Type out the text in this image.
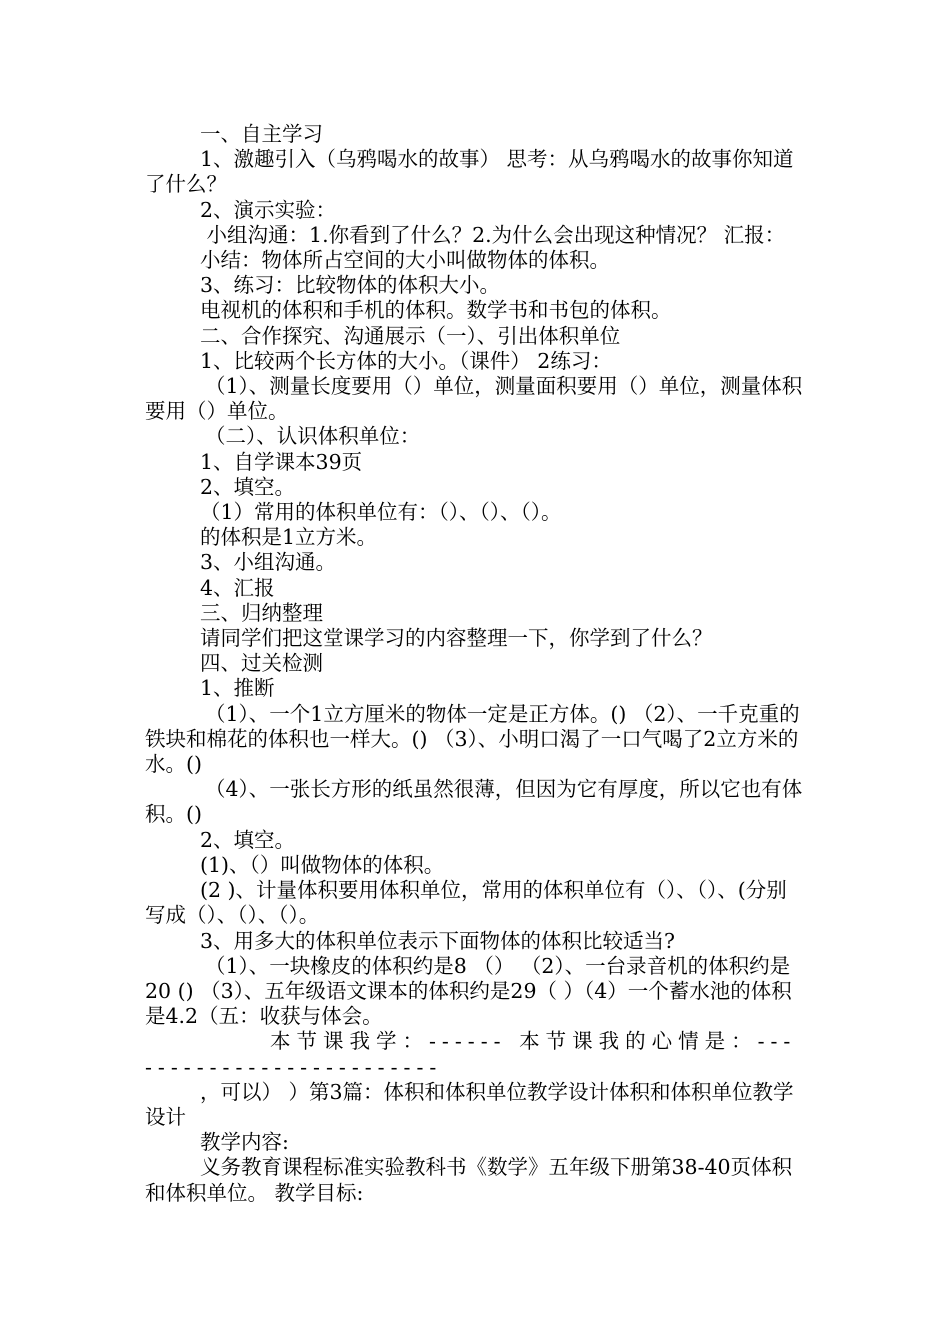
一、自主学习

1、激趣引入（乌鸦喝水的故事） 思考：从乌鸦喝水的故事你知道了什么？

2、演示实验：

小组沟通：1.你看到了什么？2.为什么会出现这种情况？ 汇报：

小结：物体所占空间的大小叫做物体的体积。

3、练习：比较物体的体积大小。

电视机的体积和手机的体积。数学书和书包的体积。

二、合作探究、沟通展示（一）、引出体积单位

1、比较两个长方体的大小。（课件） 2练习：

（1）、测量长度要用（）单位，测量面积要用（）单位，测量体积要用（）单位。

（二）、认识体积单位：

1、自学课本39页

2、填空。

（1）常用的体积单位有：（）、（）、（）。

的体积是1立方米。

3、小组沟通。

4、汇报

三、归纳整理

请同学们把这堂课学习的内容整理一下，你学到了什么？

四、过关检测

1、推断

（1）、一个1立方厘米的物体一定是正方体。() （2）、一千克重的铁块和棉花的体积也一样大。() （3）、小明口渴了一口气喝了2立方米的水。()

（4）、一张长方形的纸虽然很薄，但因为它有厚度，所以它也有体积。()

2、填空。

(1)、（）叫做物体的体积。

(2 )、计量体积要用体积单位，常用的体积单位有（）、（）、(分别写成（）、（）、（）。

3、用多大的体积单位表示下面物体的体积比较适当?

（1）、一块橡皮的体积约是8 （） （2）、一台录音机的体积约是 20 () （3）、五年级语文课本的体积约是29（ ）（4）一个蓄水池的体积是4.2（五：收获与体会。

本节课我学：------ 本节课我的心情是：--------------------------

，可以） ）第3篇：体积和体积单位教学设计体积和体积单位教学设计

教学内容:

义务教育课程标准实验教科书《数学》五年级下册第38-40页体积和体积单位。 教学目标:
